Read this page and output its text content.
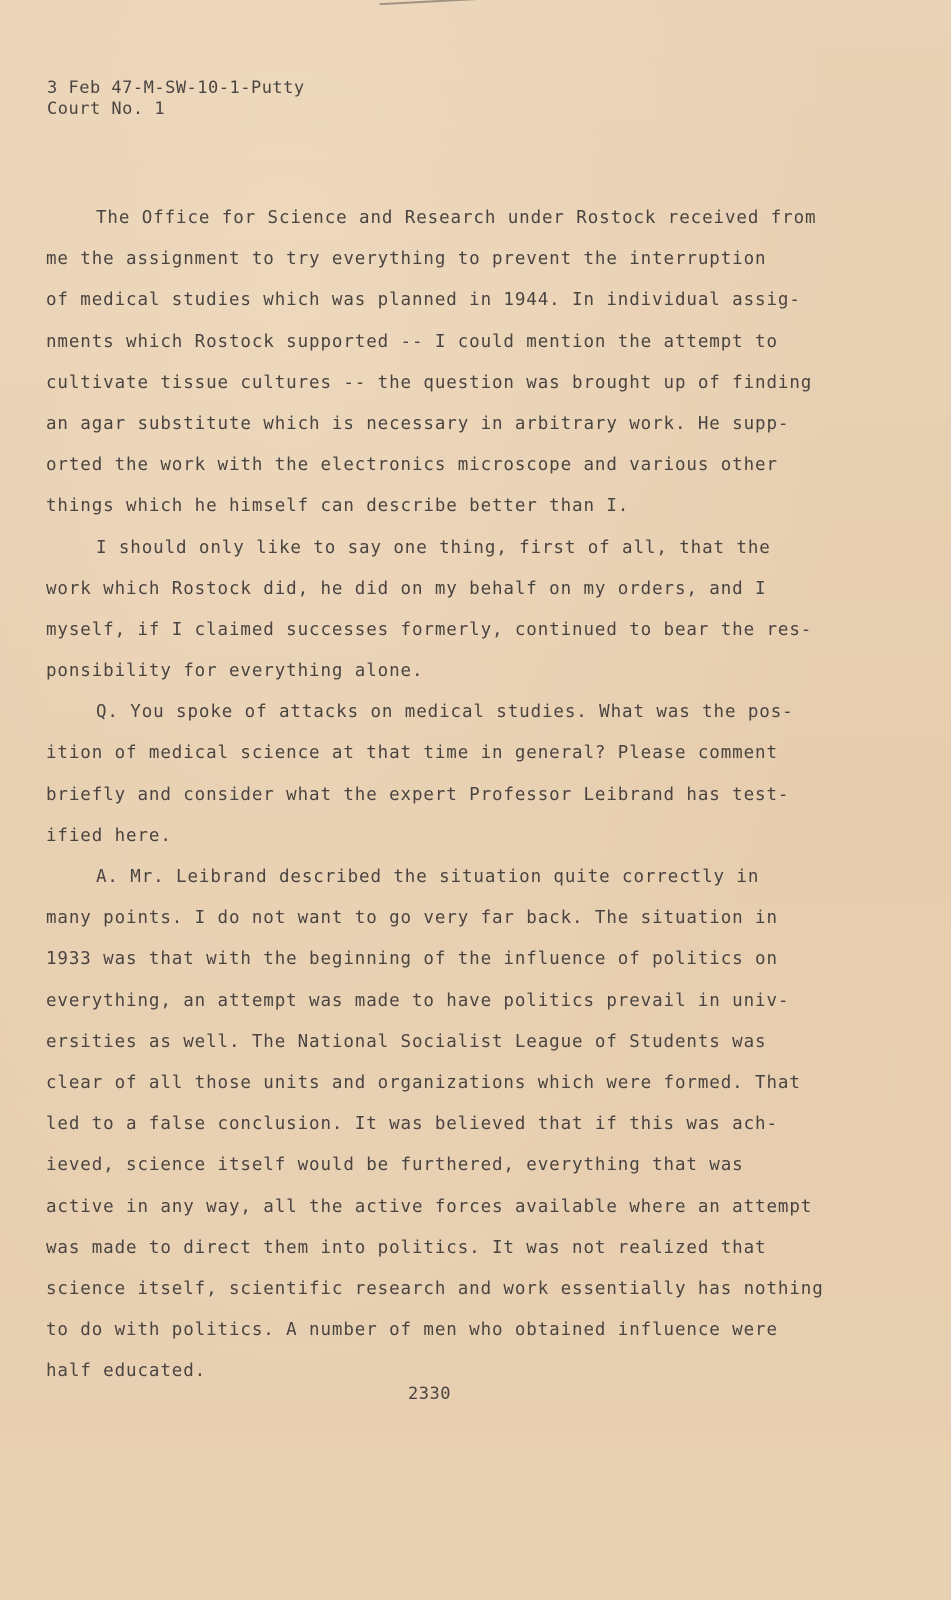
3 Feb 47-M-SW-10-1-Putty
Court No. 1
The Office for Science and Research under Rostock received from
me the assignment to try everything to prevent the interruption
of medical studies which was planned in 1944. In individual assig-
nments which Rostock supported -- I could mention the attempt to
cultivate tissue cultures -- the question was brought up of finding
an agar substitute which is necessary in arbitrary work. He supp-
orted the work with the electronics microscope and various other
things which he himself can describe better than I.
I should only like to say one thing, first of all, that the
work which Rostock did, he did on my behalf on my orders, and I
myself, if I claimed successes formerly, continued to bear the res-
ponsibility for everything alone.
Q. You spoke of attacks on medical studies. What was the pos-
ition of medical science at that time in general? Please comment
briefly and consider what the expert Professor Leibrand has test-
ified here.
A. Mr. Leibrand described the situation quite correctly in
many points. I do not want to go very far back. The situation in
1933 was that with the beginning of the influence of politics on
everything, an attempt was made to have politics prevail in univ-
ersities as well. The National Socialist League of Students was
clear of all those units and organizations which were formed. That
led to a false conclusion. It was believed that if this was ach-
ieved, science itself would be furthered, everything that was
active in any way, all the active forces available where an attempt
was made to direct them into politics. It was not realized that
science itself, scientific research and work essentially has nothing
to do with politics. A number of men who obtained influence were
half educated.
2330
